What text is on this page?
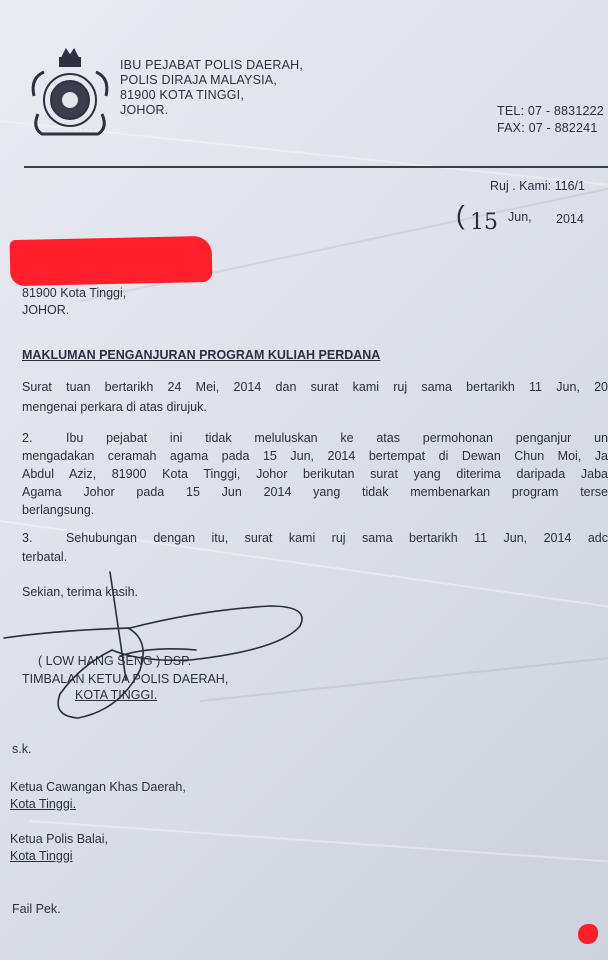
IBU PEJABAT POLIS DAERAH,
POLIS DIRAJA MALAYSIA,
81900 KOTA TINGGI,
JOHOR.	TEL: 07 - 8831222
FAX: 07 - 882241
Ruj . Kami: 116/1
( 15 Jun, 2014
81900 Kota Tinggi,
JOHOR.
MAKLUMAN PENGANJURAN PROGRAM KULIAH PERDANA
Surat tuan bertarikh 24 Mei, 2014 dan surat kami ruj sama bertarikh 11 Jun, 20
mengenai perkara di atas dirujuk.
2.	Ibu pejabat ini tidak meluluskan ke atas permohonan penganjur un
mengadakan ceramah agama pada 15 Jun, 2014 bertempat di Dewan Chun Moi, Ja
Abdul Aziz, 81900 Kota Tinggi, Johor berikutan surat yang diterima daripada Jaba
Agama Johor pada 15 Jun 2014 yang tidak membenarkan program terse
berlangsung.
3.	Sehubungan dengan itu, surat kami ruj sama bertarikh 11 Jun, 2014 adc
terbatal.
Sekian, terima kasih.
( LOW HANG SENG ) DSP.
TIMBALAN KETUA POLIS DAERAH,
KOTA TINGGI.
s.k.
Ketua Cawangan Khas Daerah,
Kota Tinggi.
Ketua Polis Balai,
Kota Tinggi
Fail Pek.
